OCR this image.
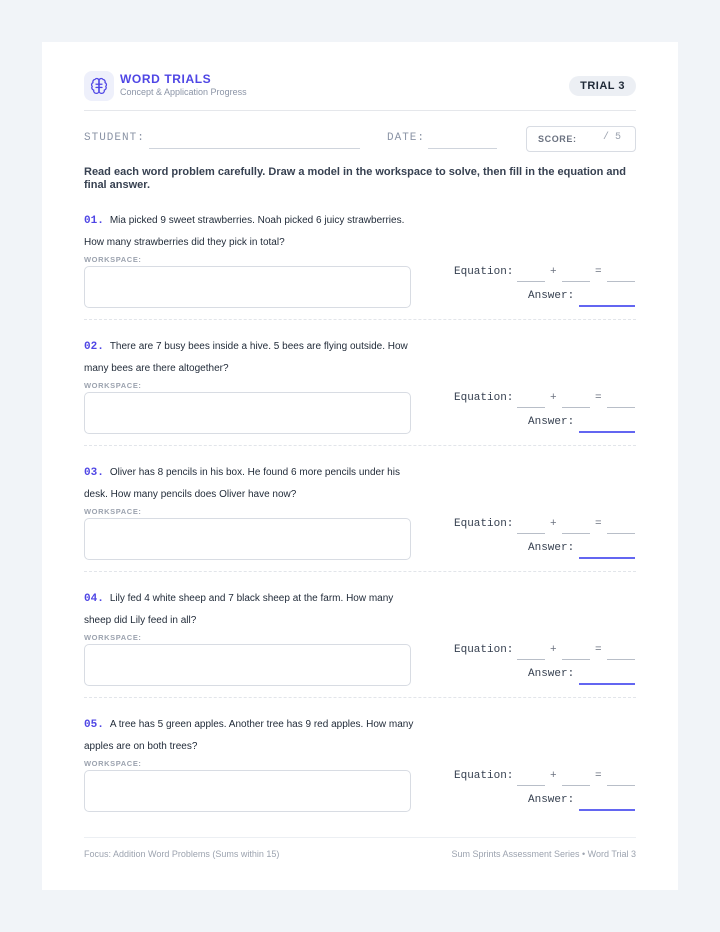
WORD TRIALS
Concept & Application Progress	TRIAL 3
STUDENT:	DATE:	SCORE:	/ 5
Read each word problem carefully. Draw a model in the workspace to solve, then fill in the equation and final answer.
01. Mia picked 9 sweet strawberries. Noah picked 6 juicy strawberries. How many strawberries did they pick in total?
WORKSPACE:
Equation:	+	=
Answer:
02. There are 7 busy bees inside a hive. 5 bees are flying outside. How many bees are there altogether?
WORKSPACE:
Equation:	+	=
Answer:
03. Oliver has 8 pencils in his box. He found 6 more pencils under his desk. How many pencils does Oliver have now?
WORKSPACE:
Equation:	+	=
Answer:
04. Lily fed 4 white sheep and 7 black sheep at the farm. How many sheep did Lily feed in all?
WORKSPACE:
Equation:	+	=
Answer:
05. A tree has 5 green apples. Another tree has 9 red apples. How many apples are on both trees?
WORKSPACE:
Equation:	+	=
Answer:
Focus: Addition Word Problems (Sums within 15)	Sum Sprints Assessment Series • Word Trial 3
